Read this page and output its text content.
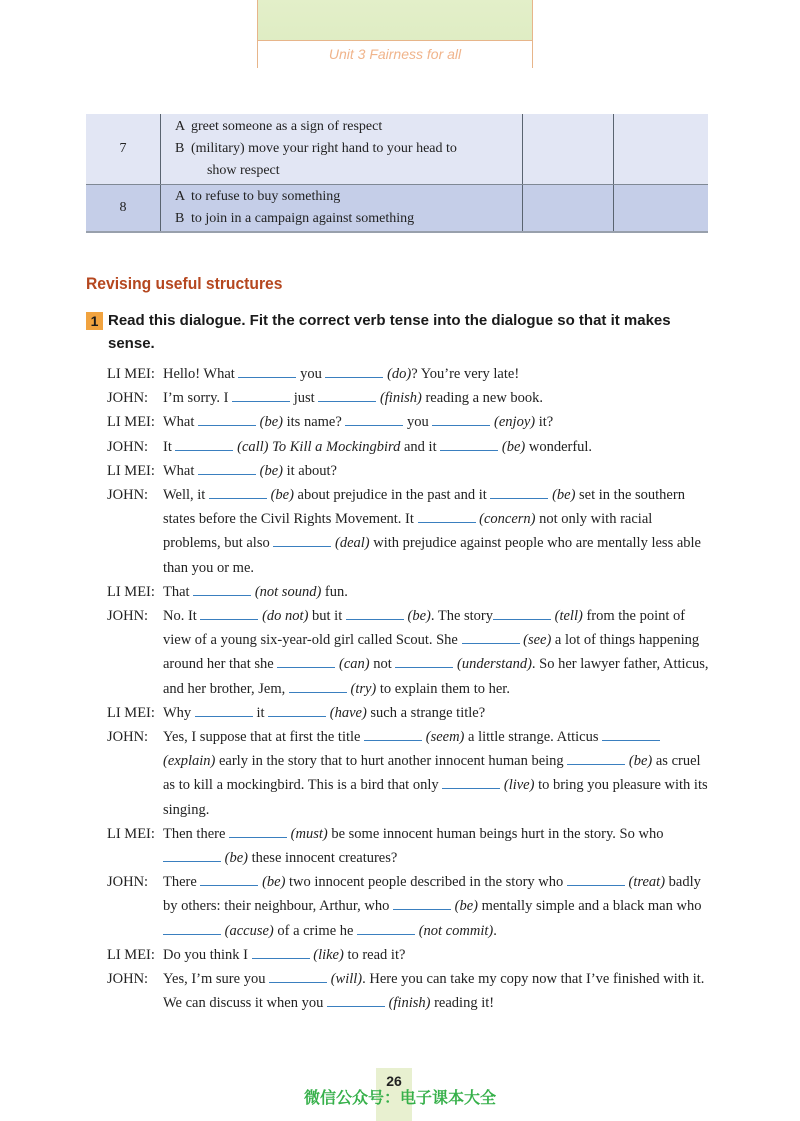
Unit 3 Fairness for all
7	A greet someone as a sign of respect
B (military) move your right hand to your head to
show respect		

8	A to refuse to buy something
B to join in a campaign against something		

Revising useful structures
1 Read this dialogue. Fit the correct verb tense into the dialogue so that it makes sense.
LI MEI: Hello! What	you	(do)? You’re very late!
JOHN:	I’m sorry. I	just	(finish) reading a new book.
LI MEI: What	(be) its name?	you	(enjoy) it?
JOHN:	It	(call) To Kill a Mockingbird and it	(be) wonderful.
LI MEI: What	(be) it about?
JOHN:	Well, it	(be) about prejudice in the past and it	(be) set in the southern states before the Civil Rights Movement. It	(concern) not only with racial problems, but also	(deal) with prejudice against people who are mentally less able than you or me.
LI MEI: That	(not sound) fun.
JOHN:	No. It	(do not) but it	(be). The story	(tell) from the point of view of a young six-year-old girl called Scout. She	(see) a lot of things happening around her that she	(can) not	(understand). So her lawyer father, Atticus, and her brother, Jem,	(try) to explain them to her.
LI MEI: Why	it	(have) such a strange title?
JOHN:	Yes, I suppose that at first the title	(seem) a little strange. Atticus  (explain) early in the story that to hurt another innocent human being	(be) as cruel as to kill a mockingbird. This is a bird that only	(live) to bring you pleasure with its singing.
LI MEI: Then there	(must) be some innocent human beings hurt in the story. So who  (be) these innocent creatures?
JOHN:	There	(be) two innocent people described in the story who	(treat) badly by others: their neighbour, Arthur, who	(be) mentally simple and a black man who  (accuse) of a crime he	(not commit).
LI MEI: Do you think I	(like) to read it?
JOHN:	Yes, I’m sure you	(will). Here you can take my copy now that I’ve finished with it. We can discuss it when you	(finish) reading it!
26
微信公众号：电子课本大全
